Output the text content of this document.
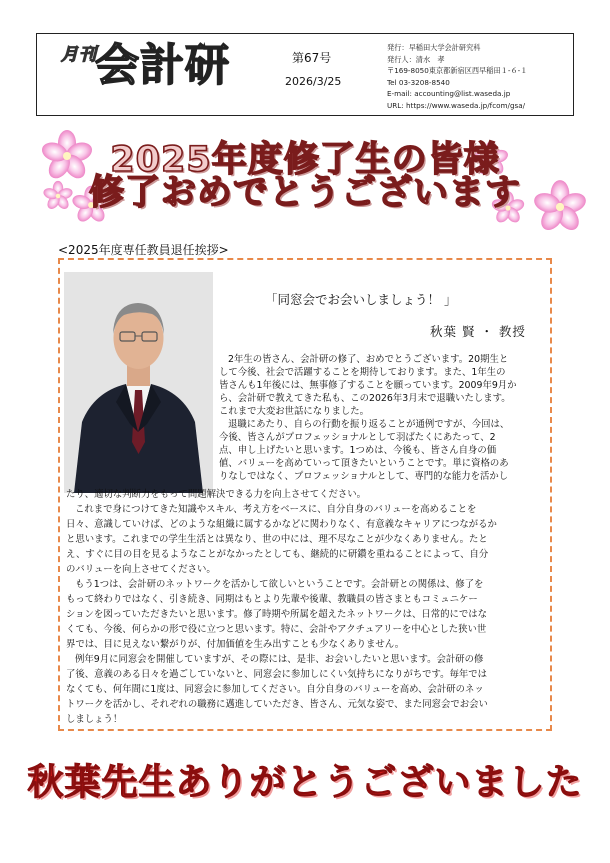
月刊
会計研	第67号
2026/3/25
発行：早稲田大学会計研究科
発行人：清水　孝
〒169‐8050東京都新宿区西早稲田１‐６‐１
Tel 03‐3208‐8540
E-mail: accounting@list.waseda.jp
URL: https://www.waseda.jp/fcom/gsa/
2025年度修了生の皆様
修了おめでとうございます
<2025年度専任教員退任挨拶>
「同窓会でお会いしましょう！ 」
秋葉 賢 ・ 教授
2年生の皆さん、会計研の修了、おめでとうございます。20期生と
して今後、社会で活躍することを期待しております。また、1年生の
皆さんも1年後には、無事修了することを願っています。2009年9月か
ら、会計研で教えてきた私も、この2026年3月末で退職いたします。
これまで大変お世話になりました。
退職にあたり、自らの行動を振り返ることが通例ですが、今回は、
今後、皆さんがプロフェッショナルとして羽ばたくにあたって、2
点、申し上げたいと思います。1つめは、今後も、皆さん自身の価
値、バリューを高めていって頂きたいということです。単に資格のあ
りなしではなく、プロフェッショナルとして、専門的な能力を活かし
たり、適切な判断力をもって問題解決できる力を向上させてください。
これまで身につけてきた知識やスキル、考え方をベースに、自分自身のバリューを高めることを
日々、意識していけば、どのような組織に属するかなどに関わりなく、有意義なキャリアにつながるか
と思います。これまでの学生生活とは異なり、世の中には、理不尽なことが少なくありません。たと
え、すぐに目の目を見るようなことがなかったとしても、継続的に研鑽を重ねることによって、自分
のバリューを向上させてください。
もう1つは、会計研のネットワークを活かして欲しいということです。会計研との関係は、修了を
もって終わりではなく、引き続き、同期はもとより先輩や後輩、教職員の皆さまともコミュニケー
ションを図っていただきたいと思います。修了時期や所属を超えたネットワークは、日常的にではな
くても、今後、何らかの形で役に立つと思います。特に、会計やアクチュアリーを中心とした狭い世
界では、目に見えない繋がりが、付加価値を生み出すことも少なくありません。
例年9月に同窓会を開催していますが、その際には、是非、お会いしたいと思います。会計研の修
了後、意義のある日々を過ごしていないと、同窓会に参加しにくい気持ちになりがちです。毎年では
なくても、何年間に1度は、同窓会に参加してください。自分自身のバリューを高め、会計研のネッ
トワークを活かし、それぞれの職務に邁進していただき、皆さん、元気な姿で、また同窓会でお会い
しましょう！
秋葉先生ありがとうございました
